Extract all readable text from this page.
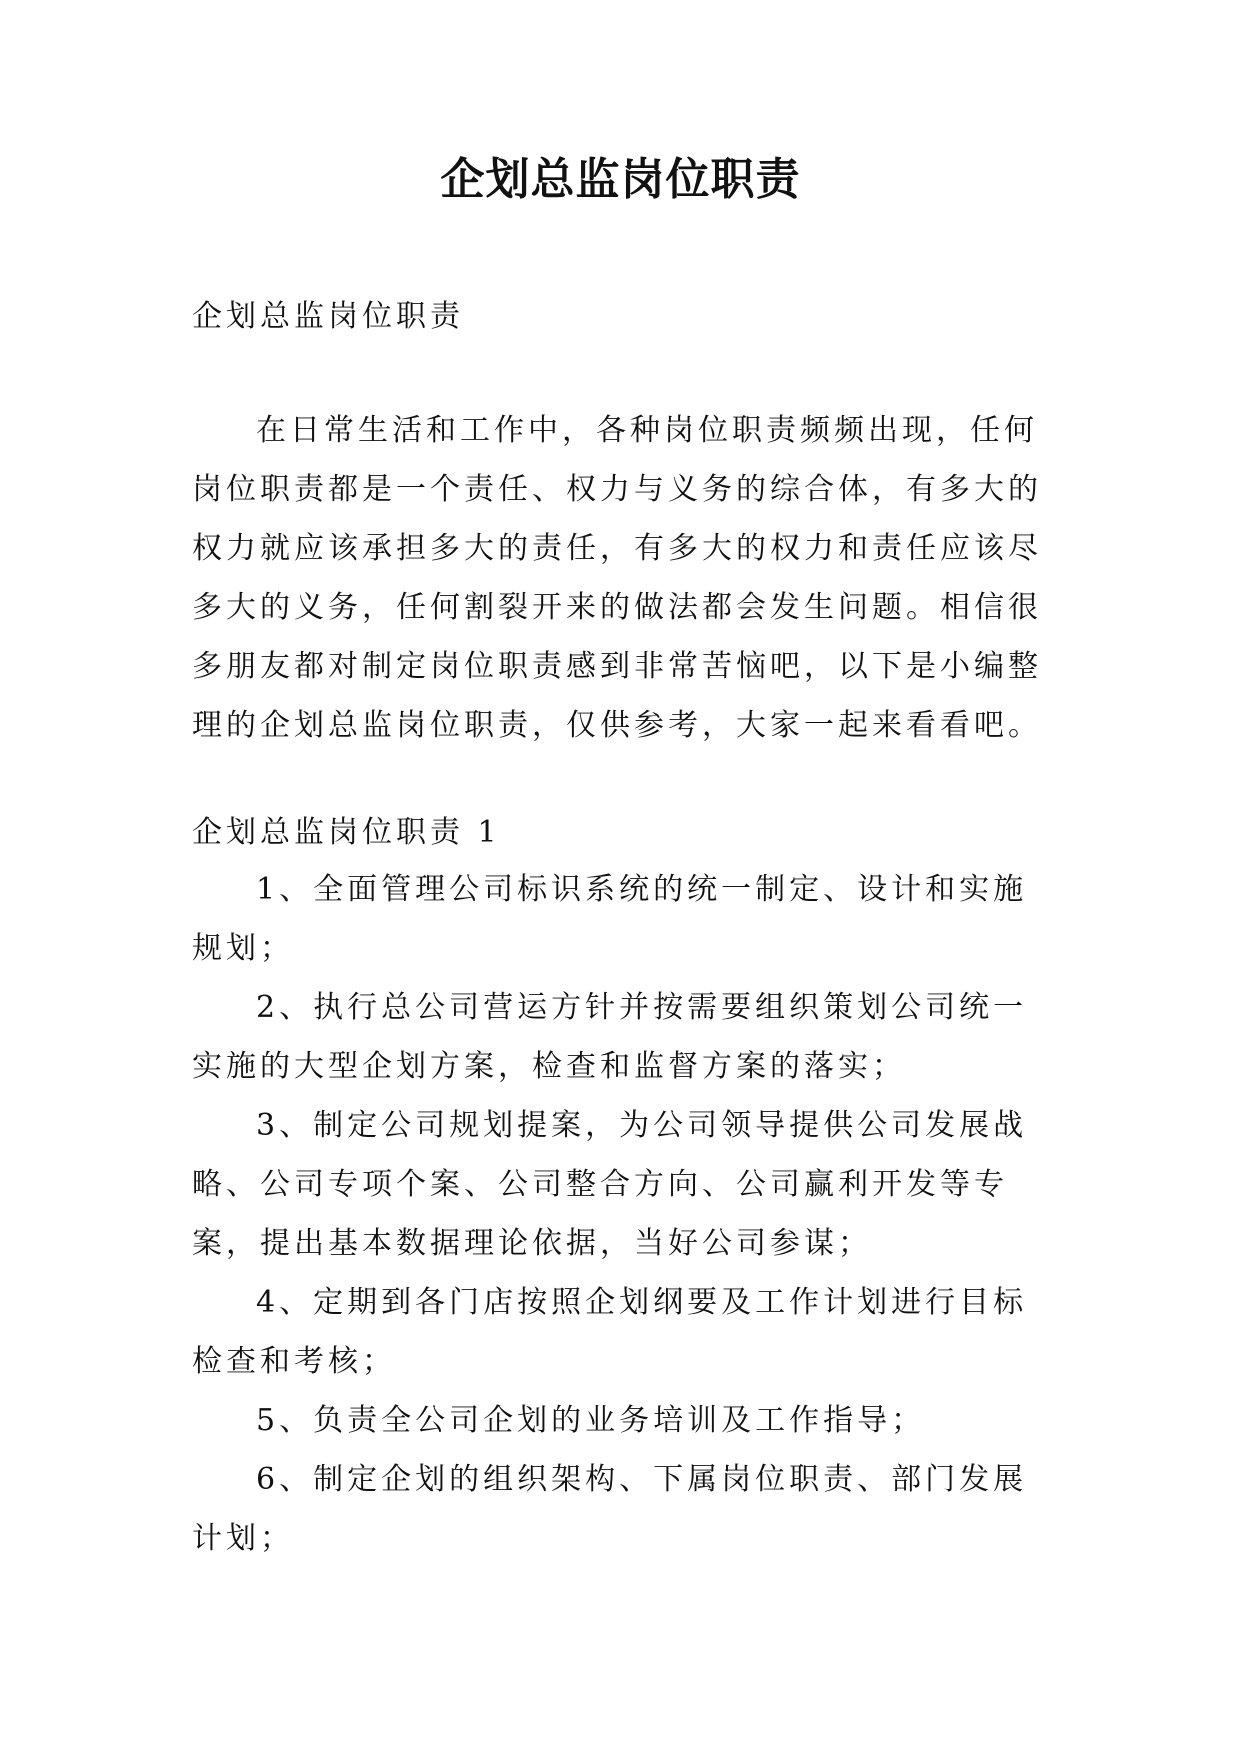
企划总监岗位职责
企划总监岗位职责
在日常生活和工作中，各种岗位职责频频出现，任何岗位职责都是一个责任、权力与义务的综合体，有多大的权力就应该承担多大的责任，有多大的权力和责任应该尽多大的义务，任何割裂开来的做法都会发生问题。相信很多朋友都对制定岗位职责感到非常苦恼吧，以下是小编整理的企划总监岗位职责，仅供参考，大家一起来看看吧。
企划总监岗位职责 1

1、全面管理公司标识系统的统一制定、设计和实施规划；

2、执行总公司营运方针并按需要组织策划公司统一实施的大型企划方案，检查和监督方案的落实；

3、制定公司规划提案，为公司领导提供公司发展战略、公司专项个案、公司整合方向、公司赢利开发等专案，提出基本数据理论依据，当好公司参谋；

4、定期到各门店按照企划纲要及工作计划进行目标检查和考核；

5、负责全公司企划的业务培训及工作指导；

6、制定企划的组织架构、下属岗位职责、部门发展计划；
